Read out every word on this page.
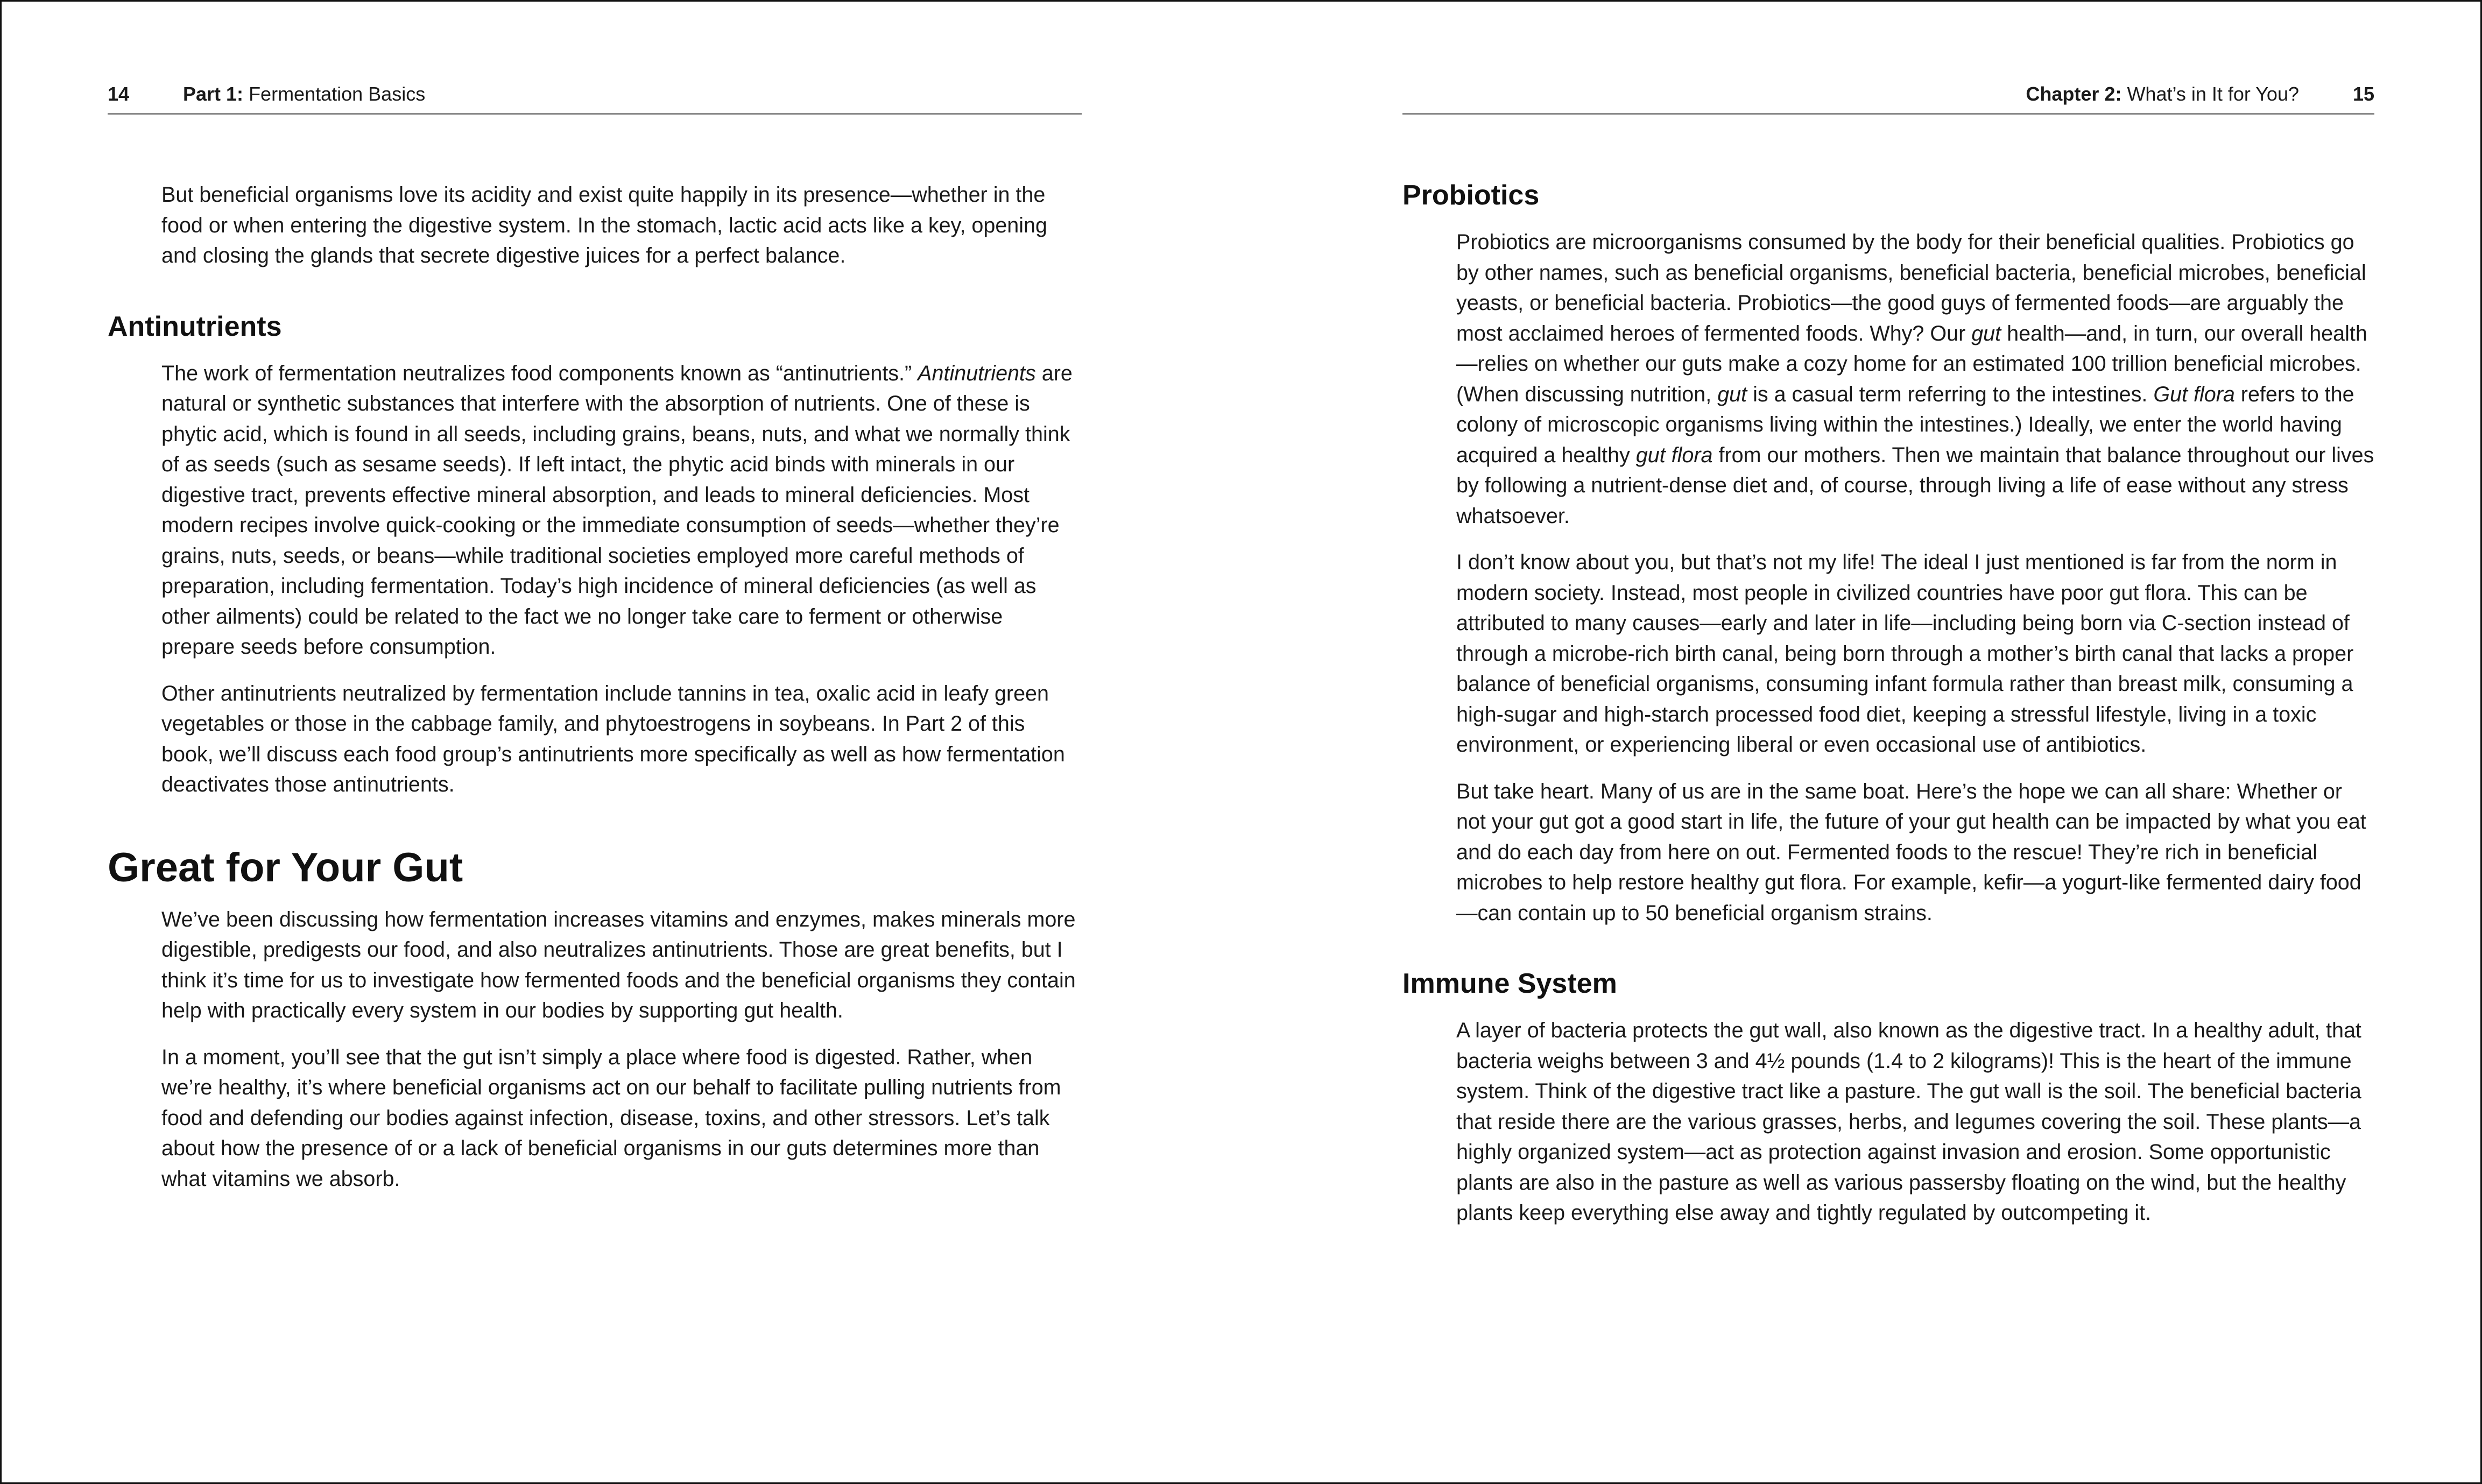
14	Part 1: Fermentation Basics

But beneficial organisms love its acidity and exist quite happily in its presence—whether in the food or when entering the digestive system. In the stomach, lactic acid acts like a key, opening and closing the glands that secrete digestive juices for a perfect balance.

Antinutrients

The work of fermentation neutralizes food components known as “antinutrients.” Antinutrients are natural or synthetic substances that interfere with the absorption of nutrients. One of these is phytic acid, which is found in all seeds, including grains, beans, nuts, and what we normally think of as seeds (such as sesame seeds). If left intact, the phytic acid binds with minerals in our digestive tract, prevents effective mineral absorption, and leads to mineral deficiencies. Most modern recipes involve quick-cooking or the immediate consumption of seeds—whether they’re grains, nuts, seeds, or beans—while traditional societies employed more careful methods of preparation, including fermentation. Today’s high incidence of mineral deficiencies (as well as other ailments) could be related to the fact we no longer take care to ferment or otherwise prepare seeds before consumption.

Other antinutrients neutralized by fermentation include tannins in tea, oxalic acid in leafy green vegetables or those in the cabbage family, and phytoestrogens in soybeans. In Part 2 of this book, we’ll discuss each food group’s antinutrients more specifically as well as how fermentation deactivates those antinutrients.

Great for Your Gut

We’ve been discussing how fermentation increases vitamins and enzymes, makes minerals more digestible, predigests our food, and also neutralizes antinutrients. Those are great benefits, but I think it’s time for us to investigate how fermented foods and the beneficial organisms they contain help with practically every system in our bodies by supporting gut health.

In a moment, you’ll see that the gut isn’t simply a place where food is digested. Rather, when we’re healthy, it’s where beneficial organisms act on our behalf to facilitate pulling nutrients from food and defending our bodies against infection, disease, toxins, and other stressors. Let’s talk about how the presence of or a lack of beneficial organisms in our guts determines more than what vitamins we absorb.

Chapter 2: What’s in It for You?	15
Probiotics

Probiotics are microorganisms consumed by the body for their beneficial qualities. Probiotics go by other names, such as beneficial organisms, beneficial bacteria, beneficial microbes, beneficial yeasts, or beneficial bacteria. Probiotics—the good guys of fermented foods—are arguably the most acclaimed heroes of fermented foods. Why? Our gut health—and, in turn, our overall health—relies on whether our guts make a cozy home for an estimated 100 trillion beneficial microbes. (When discussing nutrition, gut is a casual term referring to the intestines. Gut flora refers to the colony of microscopic organisms living within the intestines.) Ideally, we enter the world having acquired a healthy gut flora from our mothers. Then we maintain that balance throughout our lives by following a nutrient-dense diet and, of course, through living a life of ease without any stress whatsoever.

I don’t know about you, but that’s not my life! The ideal I just mentioned is far from the norm in modern society. Instead, most people in civilized countries have poor gut flora. This can be attributed to many causes—early and later in life—including being born via C-section instead of through a microbe-rich birth canal, being born through a mother’s birth canal that lacks a proper balance of beneficial organisms, consuming infant formula rather than breast milk, consuming a high-sugar and high-starch processed food diet, keeping a stressful lifestyle, living in a toxic environment, or experiencing liberal or even occasional use of antibiotics.

But take heart. Many of us are in the same boat. Here’s the hope we can all share: Whether or not your gut got a good start in life, the future of your gut health can be impacted by what you eat and do each day from here on out. Fermented foods to the rescue! They’re rich in beneficial microbes to help restore healthy gut flora. For example, kefir—a yogurt-like fermented dairy food—can contain up to 50 beneficial organism strains.

Immune System

A layer of bacteria protects the gut wall, also known as the digestive tract. In a healthy adult, that bacteria weighs between 3 and 4½ pounds (1.4 to 2 kilograms)! This is the heart of the immune system. Think of the digestive tract like a pasture. The gut wall is the soil. The beneficial bacteria that reside there are the various grasses, herbs, and legumes covering the soil. These plants—a highly organized system—act as protection against invasion and erosion. Some opportunistic plants are also in the pasture as well as various passersby floating on the wind, but the healthy plants keep everything else away and tightly regulated by outcompeting it.
